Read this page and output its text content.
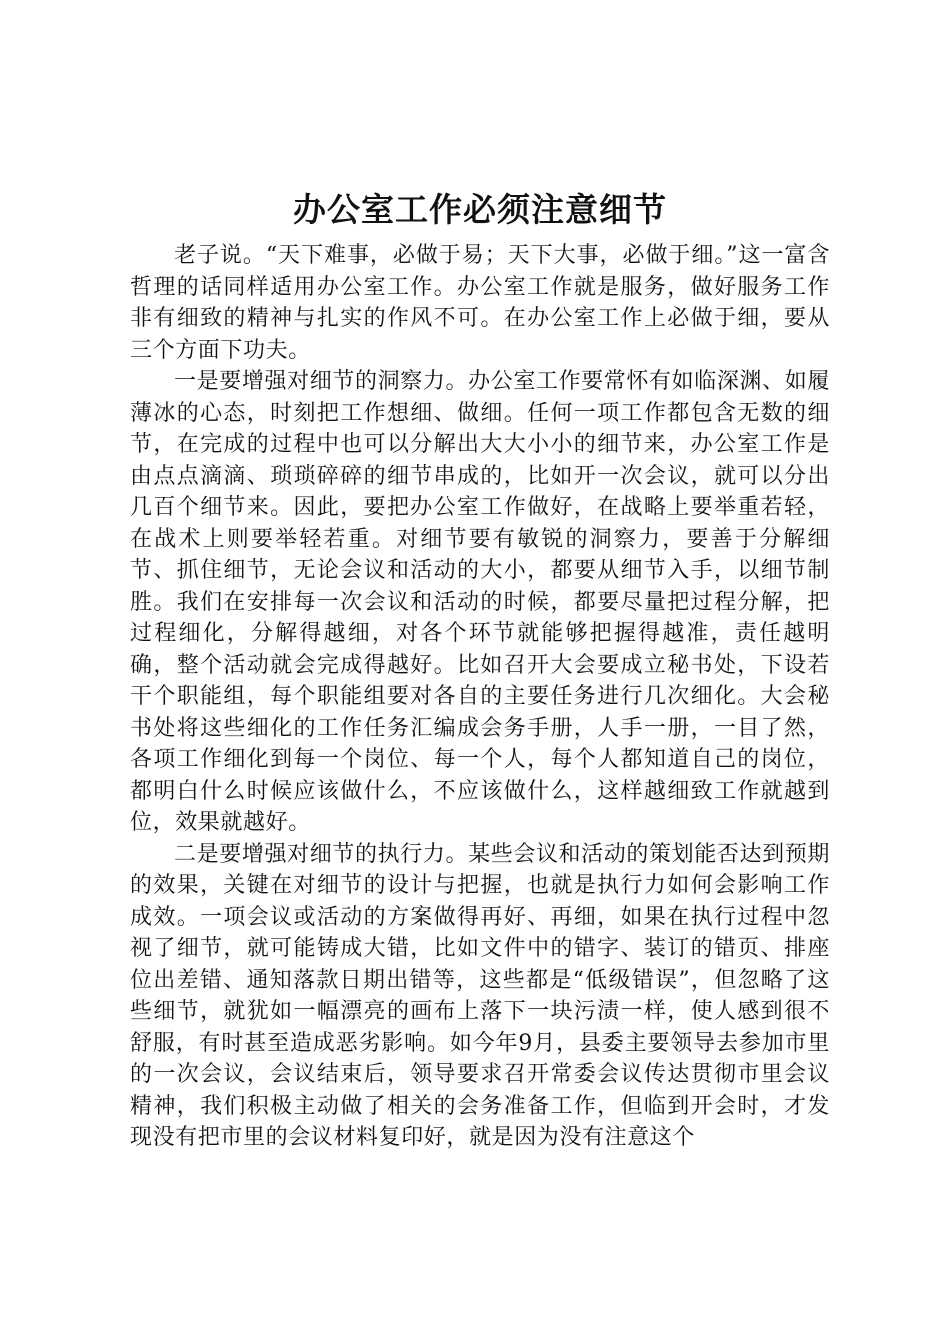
办公室工作必须注意细节

老子说。“天下难事，必做于易；天下大事，必做于细。”这一富含哲理的话同样适用办公室工作。办公室工作就是服务，做好服务工作非有细致的精神与扎实的作风不可。在办公室工作上必做于细，要从三个方面下功夫。

一是要增强对细节的洞察力。办公室工作要常怀有如临深渊、如履薄冰的心态，时刻把工作想细、做细。任何一项工作都包含无数的细节，在完成的过程中也可以分解出大大小小的细节来，办公室工作是由点点滴滴、琐琐碎碎的细节串成的，比如开一次会议，就可以分出几百个细节来。因此，要把办公室工作做好，在战略上要举重若轻，在战术上则要举轻若重。对细节要有敏锐的洞察力，要善于分解细节、抓住细节，无论会议和活动的大小，都要从细节入手，以细节制胜。我们在安排每一次会议和活动的时候，都要尽量把过程分解，把过程细化，分解得越细，对各个环节就能够把握得越准，责任越明确，整个活动就会完成得越好。比如召开大会要成立秘书处，下设若干个职能组，每个职能组要对各自的主要任务进行几次细化。大会秘书处将这些细化的工作任务汇编成会务手册，人手一册，一目了然，各项工作细化到每一个岗位、每一个人，每个人都知道自己的岗位，都明白什么时候应该做什么，不应该做什么，这样越细致工作就越到位，效果就越好。

二是要增强对细节的执行力。某些会议和活动的策划能否达到预期的效果，关键在对细节的设计与把握，也就是执行力如何会影响工作成效。一项会议或活动的方案做得再好、再细，如果在执行过程中忽视了细节，就可能铸成大错，比如文件中的错字、装订的错页、排座位出差错、通知落款日期出错等，这些都是“低级错误”，但忽略了这些细节，就犹如一幅漂亮的画布上落下一块污渍一样，使人感到很不舒服，有时甚至造成恶劣影响。如今年9月，县委主要领导去参加市里的一次会议，会议结束后，领导要求召开常委会议传达贯彻市里会议精神，我们积极主动做了相关的会务准备工作，但临到开会时，才发现没有把市里的会议材料复印好，就是因为没有注意这个
